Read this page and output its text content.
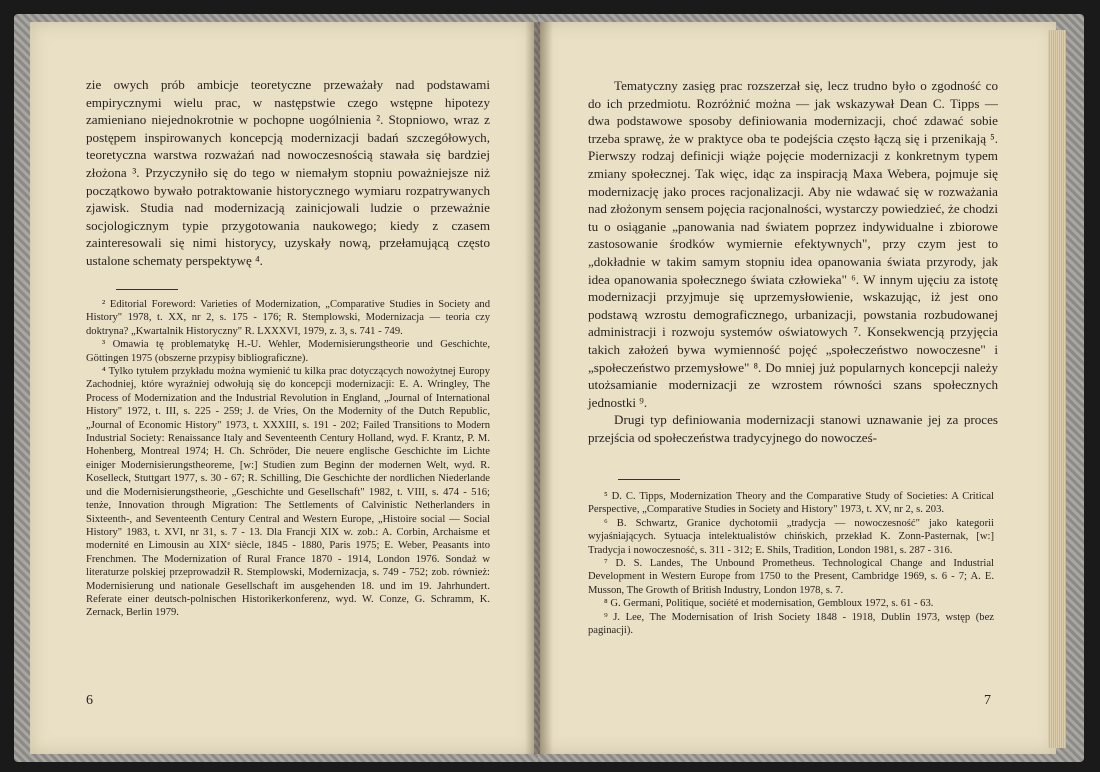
zie owych prób ambicje teoretyczne przeważały nad podstawami empirycznymi wielu prac, w następstwie czego wstępne hipotezy zamieniano niejednokrotnie w pochopne uogólnienia ². Stopniowo, wraz z postępem inspirowanych koncepcją modernizacji badań szczegółowych, teoretyczna warstwa rozważań nad nowoczesnością stawała się bardziej złożona ³. Przyczyniło się do tego w niemałym stopniu poważniejsze niż początkowo bywało potraktowanie historycznego wymiaru rozpatrywanych zjawisk. Studia nad modernizacją zainicjowali ludzie o przeważnie socjologicznym typie przygotowania naukowego; kiedy z czasem zainteresowali się nimi historycy, uzyskały nową, przełamującą często ustalone schematy perspektywę ⁴.

² Editorial Foreword: Varieties of Modernization, „Comparative Studies in Society and History" 1978, t. XX, nr 2, s. 175 - 176; R. Stemplowski, Modernizacja — teoria czy doktryna? „Kwartalnik Historyczny" R. LXXXVI, 1979, z. 3, s. 741 - 749.

³ Omawia tę problematykę H.-U. Wehler, Modernisierungstheorie und Geschichte, Göttingen 1975 (obszerne przypisy bibliograficzne).

⁴ Tylko tytułem przykładu można wymienić tu kilka prac dotyczących nowożytnej Europy Zachodniej, które wyraźniej odwołują się do koncepcji modernizacji: E. A. Wringley, The Process of Modernization and the Industrial Revolution in England, „Journal of International History" 1972, t. III, s. 225 - 259; J. de Vries, On the Modernity of the Dutch Republic, „Journal of Economic History" 1973, t. XXXIII, s. 191 - 202; Failed Transitions to Modern Industrial Society: Renaissance Italy and Seventeenth Century Holland, wyd. F. Krantz, P. M. Hohenberg, Montreal 1974; H. Ch. Schröder, Die neuere englische Geschichte im Lichte einiger Modernisierungstheoreme, [w:] Studien zum Beginn der modernen Welt, wyd. R. Koselleck, Stuttgart 1977, s. 30 - 67; R. Schilling, Die Geschichte der nordlichen Niederlande und die Modernisierungstheorie, „Geschichte und Gesellschaft" 1982, t. VIII, s. 474 - 516; tenże, Innovation through Migration: The Settlements of Calvinistic Netherlanders in Sixteenth-, and Seventeenth Century Central and Western Europe, „Histoire social — Social History" 1983, t. XVI, nr 31, s. 7 - 13. Dla Francji XIX w. zob.: A. Corbin, Archaisme et modernité en Limousin au XIXᵉ siècle, 1845 - 1880, Paris 1975; E. Weber, Peasants into Frenchmen. The Modernization of Rural France 1870 - 1914, London 1976. Sondaż w literaturze polskiej przeprowadził R. Stemplowski, Modernizacja, s. 749 - 752; zob. również: Modernisierung und nationale Gesellschaft im ausgehenden 18. und im 19. Jahrhundert. Referate einer deutsch-polnischen Historikerkonferenz, wyd. W. Conze, G. Schramm, K. Zernack, Berlin 1979.

6

Tematyczny zasięg prac rozszerzał się, lecz trudno było o zgodność co do ich przedmiotu. Rozróżnić można — jak wskazywał Dean C. Tipps — dwa podstawowe sposoby definiowania modernizacji, choć zdawać sobie trzeba sprawę, że w praktyce oba te podejścia często łączą się i przenikają ⁵. Pierwszy rodzaj definicji wiąże pojęcie modernizacji z konkretnym typem zmiany społecznej. Tak więc, idąc za inspiracją Maxa Webera, pojmuje się modernizację jako proces racjonalizacji. Aby nie wdawać się w rozważania nad złożonym sensem pojęcia racjonalności, wystarczy powiedzieć, że chodzi tu o osiąganie „panowania nad światem poprzez indywidualne i zbiorowe zastosowanie środków wymiernie efektywnych", przy czym jest to „dokładnie w takim samym stopniu idea opanowania świata przyrody, jak idea opanowania społecznego świata człowieka" ⁶. W innym ujęciu za istotę modernizacji przyjmuje się uprzemysłowienie, wskazując, iż jest ono podstawą wzrostu demograficznego, urbanizacji, powstania rozbudowanej administracji i rozwoju systemów oświatowych ⁷. Konsekwencją przyjęcia takich założeń bywa wymienność pojęć „społeczeństwo nowoczesne" i „społeczeństwo przemysłowe" ⁸. Do mniej już popularnych koncepcji należy utożsamianie modernizacji ze wzrostem równości szans społecznych jednostki ⁹.

Drugi typ definiowania modernizacji stanowi uznawanie jej za proces przejścia od społeczeństwa tradycyjnego do nowocześ-

⁵ D. C. Tipps, Modernization Theory and the Comparative Study of Societies: A Critical Perspective, „Comparative Studies in Society and History" 1973, t. XV, nr 2, s. 203.

⁶ B. Schwartz, Granice dychotomii „tradycja — nowoczesność" jako kategorii wyjaśniających. Sytuacja intelektualistów chińskich, przekład K. Zonn-Pasternak, [w:] Tradycja i nowoczesność, s. 311 - 312; E. Shils, Tradition, London 1981, s. 287 - 316.

⁷ D. S. Landes, The Unbound Prometheus. Technological Change and Industrial Development in Western Europe from 1750 to the Present, Cambridge 1969, s. 6 - 7; A. E. Musson, The Growth of British Industry, London 1978, s. 7.

⁸ G. Germani, Politique, société et modernisation, Gembloux 1972, s. 61 - 63.

⁹ J. Lee, The Modernisation of Irish Society 1848 - 1918, Dublin 1973, wstęp (bez paginacji).

7
